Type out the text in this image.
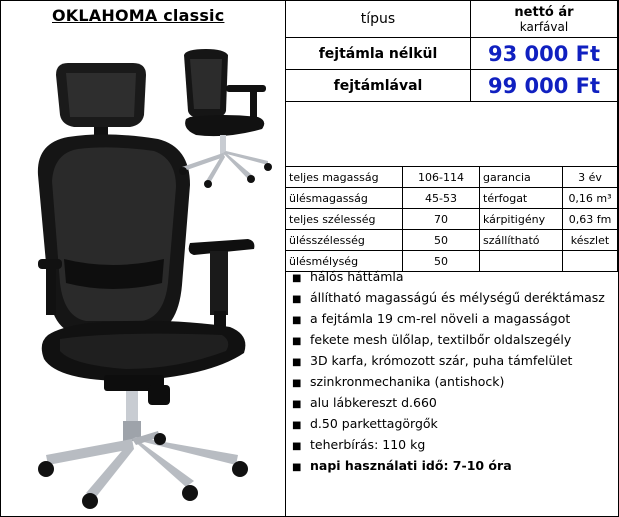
OKLAHOMA classic	típus	nettó ár
karfával

fejtámla nélkül	93 000 Ft
fejtámlával	99 000 Ft

teljes magasság	106-114	garancia	3 év
ülésmagasság	45-53	térfogat	0,16 m³
teljes szélesség	70	kárpitigény	0,63 fm
ülésszélesség	50	szállítható	készlet
ülésmélység	50		
■ hálós háttámla
■ állítható magasságú és mélységű deréktámasz
■ a fejtámla 19 cm-rel növeli a magasságot
■ fekete mesh ülőlap, textilbőr oldalszegély
■ 3D karfa, krómozott szár, puha támfelület
■ szinkronmechanika (antishock)
■ alu lábkereszt d.660
■ d.50 parkettagörgők
■ teherbírás: 110 kg
■ napi használati idő: 7-10 óra
